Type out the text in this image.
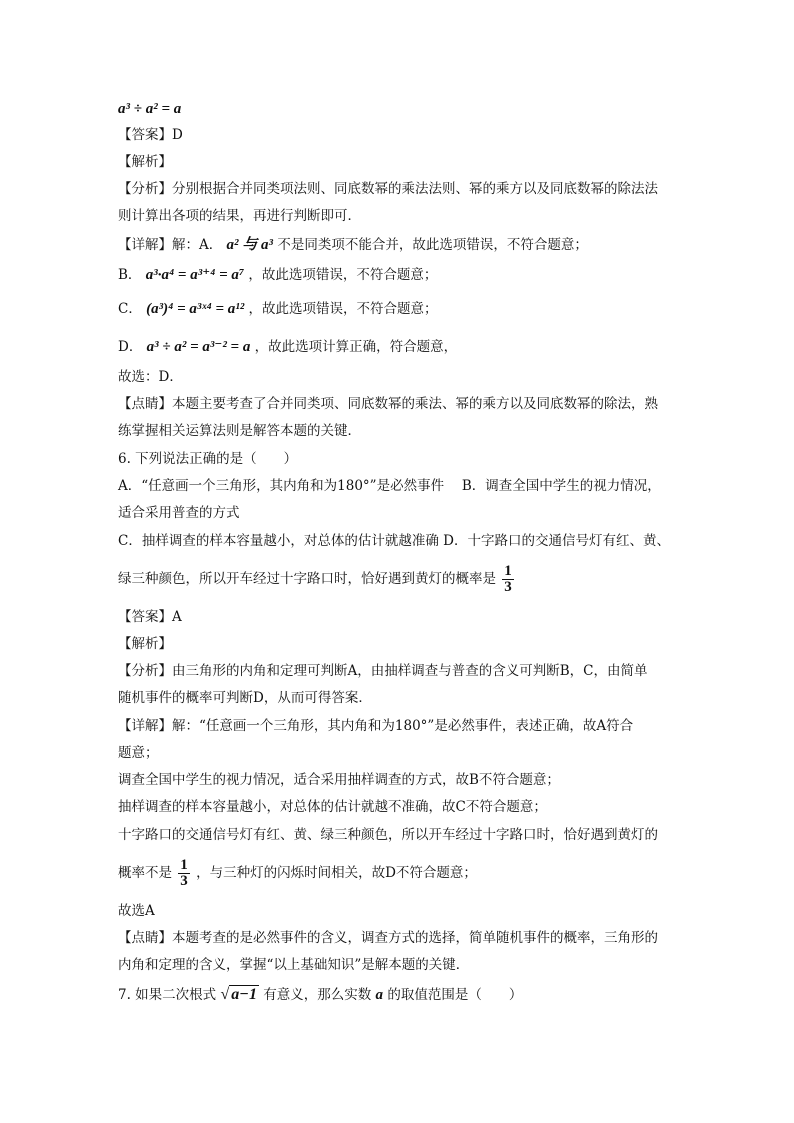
a³ ÷ a² = a
【答案】D
【解析】
【分析】分别根据合并同类项法则、同底数幂的乘法法则、幂的乘方以及同底数幂的除法法
则计算出各项的结果，再进行判断即可．
【详解】解：A． a² 与 a³ 不是同类项不能合并，故此选项错误，不符合题意；
B． a³·a⁴ = a³⁺⁴ = a⁷ ，故此选项错误，不符合题意；
C． (a³)⁴ = a³ˣ⁴ = a¹² ，故此选项错误，不符合题意；
D． a³ ÷ a² = a³⁻² = a ，故此选项计算正确，符合题意，
故选：D．
【点睛】本题主要考查了合并同类项、同底数幂的乘法、幂的乘方以及同底数幂的除法，熟
练掌握相关运算法则是解答本题的关键．
6. 下列说法正确的是（　　）
A．“任意画一个三角形，其内角和为180°”是必然事件　 B．调查全国中学生的视力情况，
适合采用普查的方式
C．抽样调查的样本容量越小，对总体的估计就越准确 D．十字路口的交通信号灯有红、黄、
绿三种颜色，所以开车经过十字路口时，恰好遇到黄灯的概率是 $\frac{1}{3}$
【答案】A
【解析】
【分析】由三角形的内角和定理可判断A，由抽样调查与普查的含义可判断B，C，由简单
随机事件的概率可判断D，从而可得答案．
【详解】解：“任意画一个三角形，其内角和为180°”是必然事件，表述正确，故A符合
题意；
调查全国中学生的视力情况，适合采用抽样调查的方式，故B不符合题意；
抽样调查的样本容量越小，对总体的估计就越不准确，故C不符合题意；
十字路口的交通信号灯有红、黄、绿三种颜色，所以开车经过十字路口时，恰好遇到黄灯的
概率不是 $\frac{1}{3}$ ，与三种灯的闪烁时间相关，故D不符合题意；
故选A
【点睛】本题考查的是必然事件的含义，调查方式的选择，简单随机事件的概率，三角形的
内角和定理的含义，掌握“以上基础知识”是解本题的关键．
7. 如果二次根式 √ a−1 有意义，那么实数 a 的取值范围是（　　）
